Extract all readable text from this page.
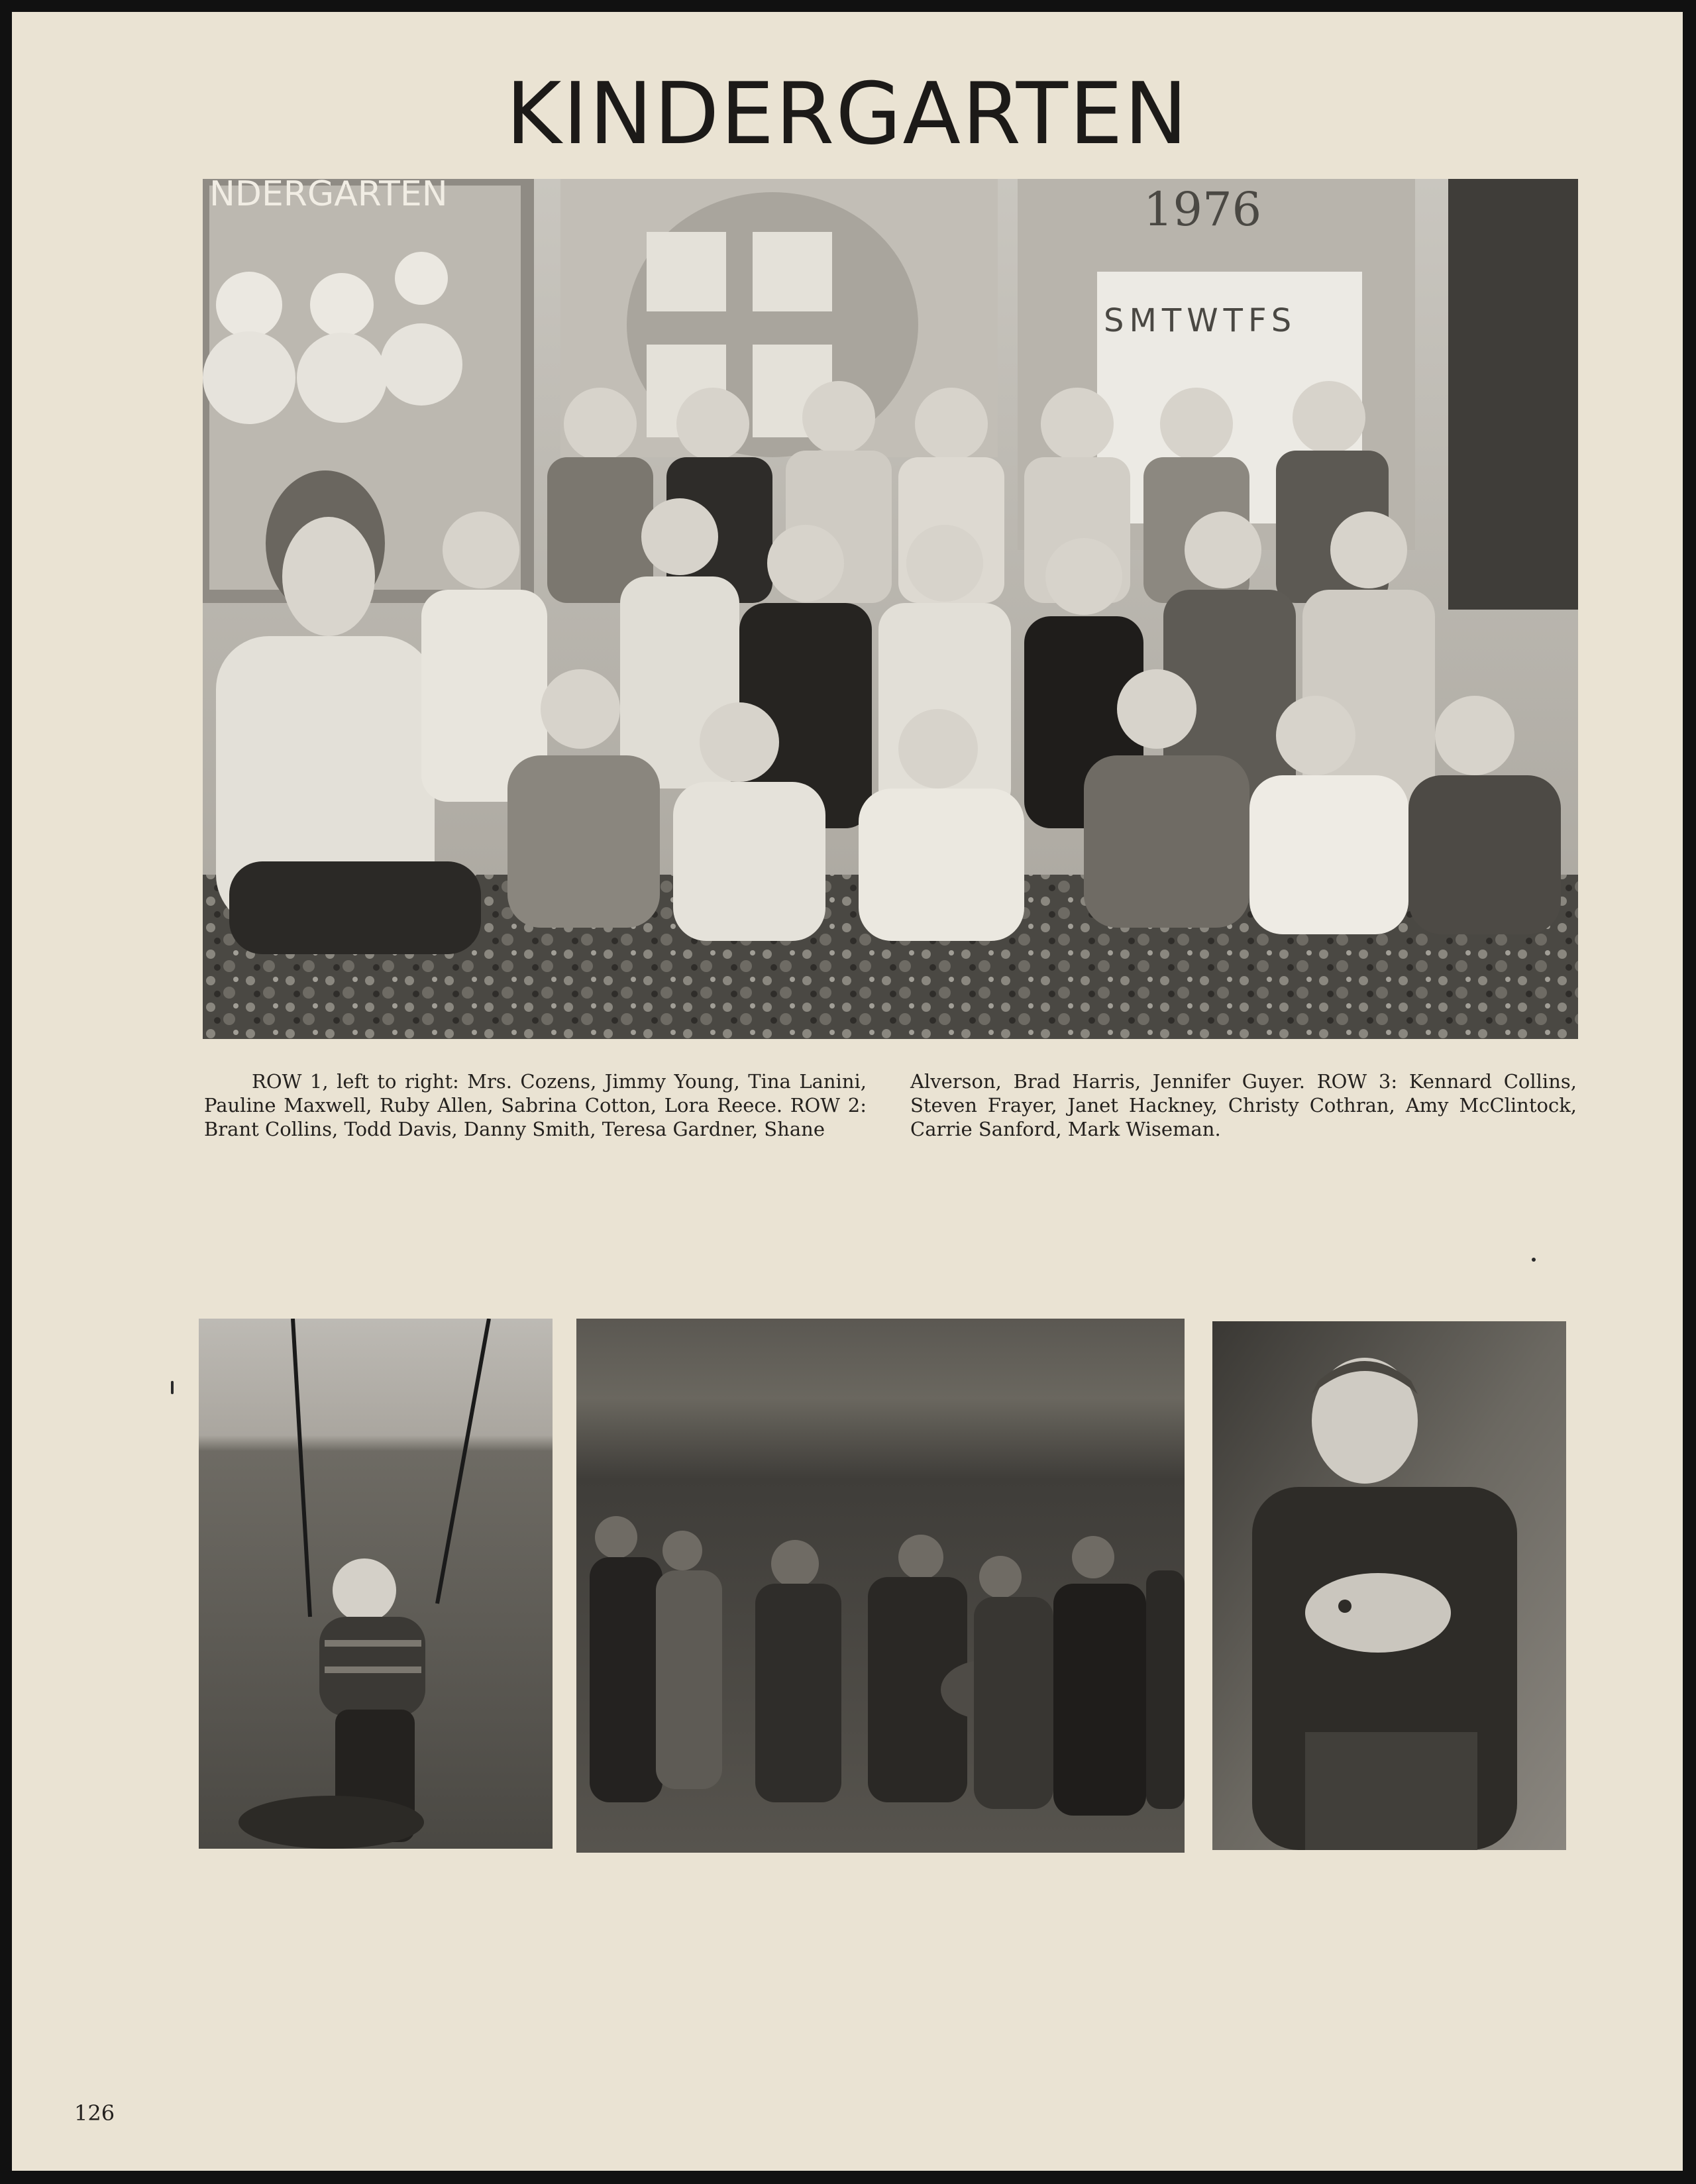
KINDERGARTEN
NDERGARTEN	1976
SMTWTFS
ROW 1, left to right: Mrs. Cozens, Jimmy Young, Tina Lanini, Pauline Maxwell, Ruby Allen, Sabrina Cotton, Lora Reece. ROW 2: Brant Collins, Todd Davis, Danny Smith, Teresa Gardner, Shane
Alverson, Brad Harris, Jennifer Guyer. ROW 3: Kennard Collins, Steven Frayer, Janet Hackney, Christy Cothran, Amy McClintock, Carrie Sanford, Mark Wiseman.
126
